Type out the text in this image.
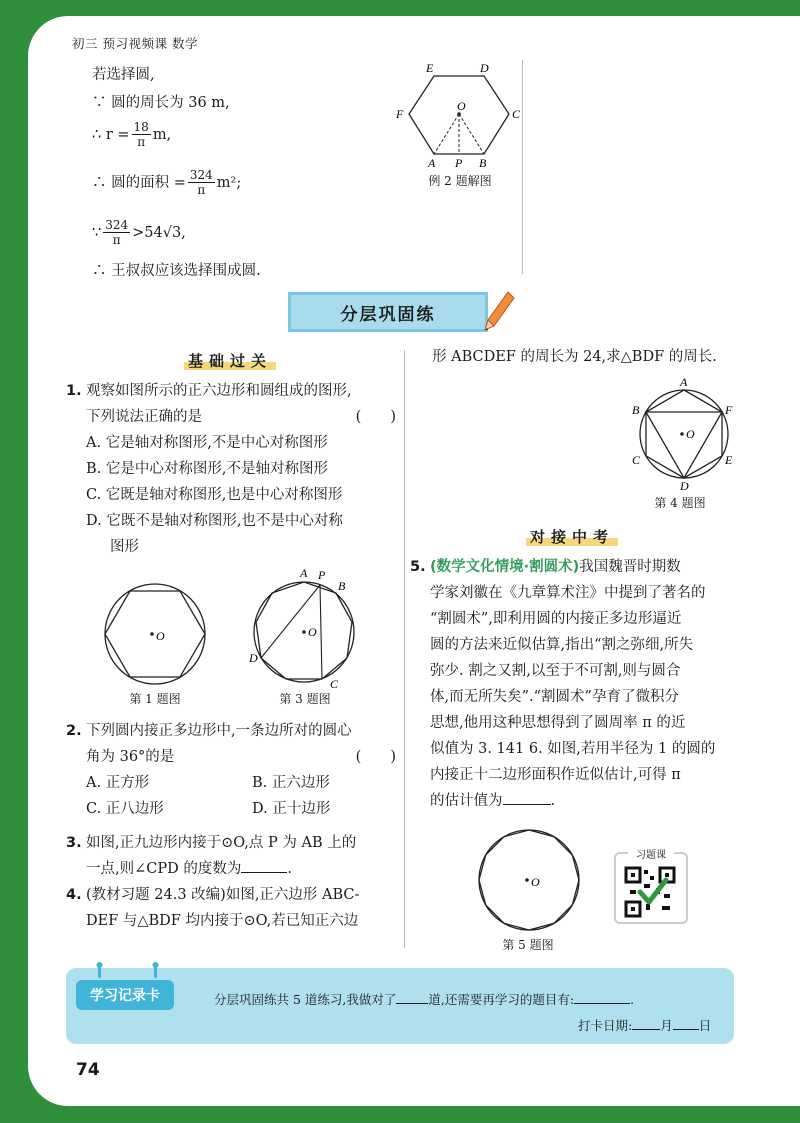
初三 预习视频课 数学
若选择圆,
∵ 圆的周长为 36 m,
∴ $r = \frac{18}{\pi} m$,
∴ 圆的面积 = $\frac{324}{\pi} m^2$;
∵ $\frac{324}{\pi} >54√3$,
∴ 王叔叔应该选择围成圆.
E	D
F
O
C
A P B
例 2 题解图
分层巩固练
基础过关
1. 观察如图所示的正六边形和圆组成的图形,
下列说法正确的是	(　　)
A. 它是轴对称图形,不是中心对称图形
B. 它是中心对称图形,不是轴对称图形
C. 它既是轴对称图形,也是中心对称图形
D. 它既不是轴对称图形,也不是中心对称
图形
O
第 1 题图
A P
B
O
D
C
第 3 题图
2. 下列圆内接正多边形中,一条边所对的圆心
角为 36°的是	(　　)
A. 正方形	B. 正六边形
C. 正八边形	D. 正十边形
3. 如图,正九边形内接于⊙O,点 P 为 AB 上的
一点,则∠CPD 的度数为	.
4. (教材习题 24.3 改编)如图,正六边形 ABC-
DEF 与△BDF 均内接于⊙O,若已知正六边
形 ABCDEF 的周长为 24,求△BDF 的周长.
A
B	F
O
C	E
D
第 4 题图
对接中考
5. (数学文化情境·割圆术)我国魏晋时期数
学家刘徽在《九章算术注》中提到了著名的
“割圆术”,即利用圆的内接正多边形逼近
圆的方法来近似估算,指出“割之弥细,所失
弥少. 割之又割,以至于不可割,则与圆合
体,而无所失矣”.“割圆术”孕育了微积分
思想,他用这种思想得到了圆周率 π 的近
似值为 3. 141 6. 如图,若用半径为 1 的圆的
内接正十二边形面积作近似估计,可得 π
的估计值为	.
O
第 5 题图
习题课
学习记录卡	分层巩固练共 5 道练习,我做对了	道,还需要再学习的题目有:	.
打卡日期: 月 日
74
